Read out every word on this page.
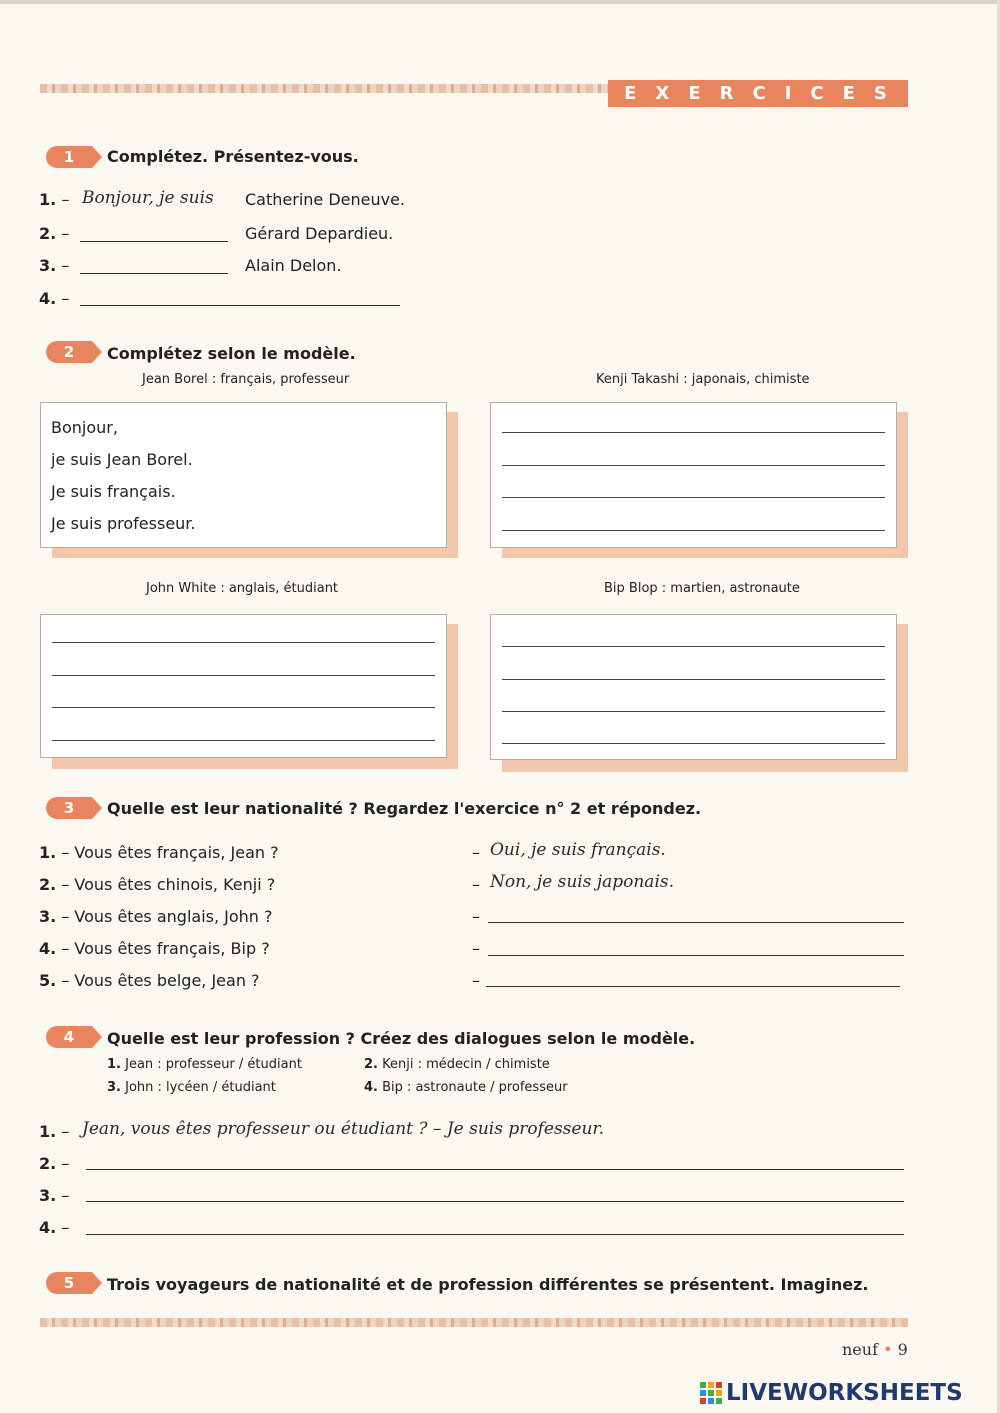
EXERCICES
1	Complétez. Présentez-vous.
1. – Bonjour, je suis Catherine Deneuve.
2. –	Gérard Depardieu.
3. –	Alain Delon.
4. –
2	Complétez selon le modèle.
Jean Borel : français, professeur	Kenji Takashi : japonais, chimiste
Bonjour,
je suis Jean Borel.
Je suis français.
Je suis professeur.
John White : anglais, étudiant	Bip Blop : martien, astronaute
3	Quelle est leur nationalité ? Regardez l'exercice n° 2 et répondez.
1. – Vous êtes français, Jean ?	– Oui, je suis français.
2. – Vous êtes chinois, Kenji ?	– Non, je suis japonais.
3. – Vous êtes anglais, John ?	–
4. – Vous êtes français, Bip ?	–
5. – Vous êtes belge, Jean ?	–
4	Quelle est leur profession ? Créez des dialogues selon le modèle.
1. Jean : professeur / étudiant	2. Kenji : médecin / chimiste
3. John : lycéen / étudiant	4. Bip : astronaute / professeur
1. – Jean, vous êtes professeur ou étudiant ? – Je suis professeur.
2. –
3. –
4. –
5	Trois voyageurs de nationalité et de profession différentes se présentent. Imaginez.
neuf • 9
LIVEWORKSHEETS
